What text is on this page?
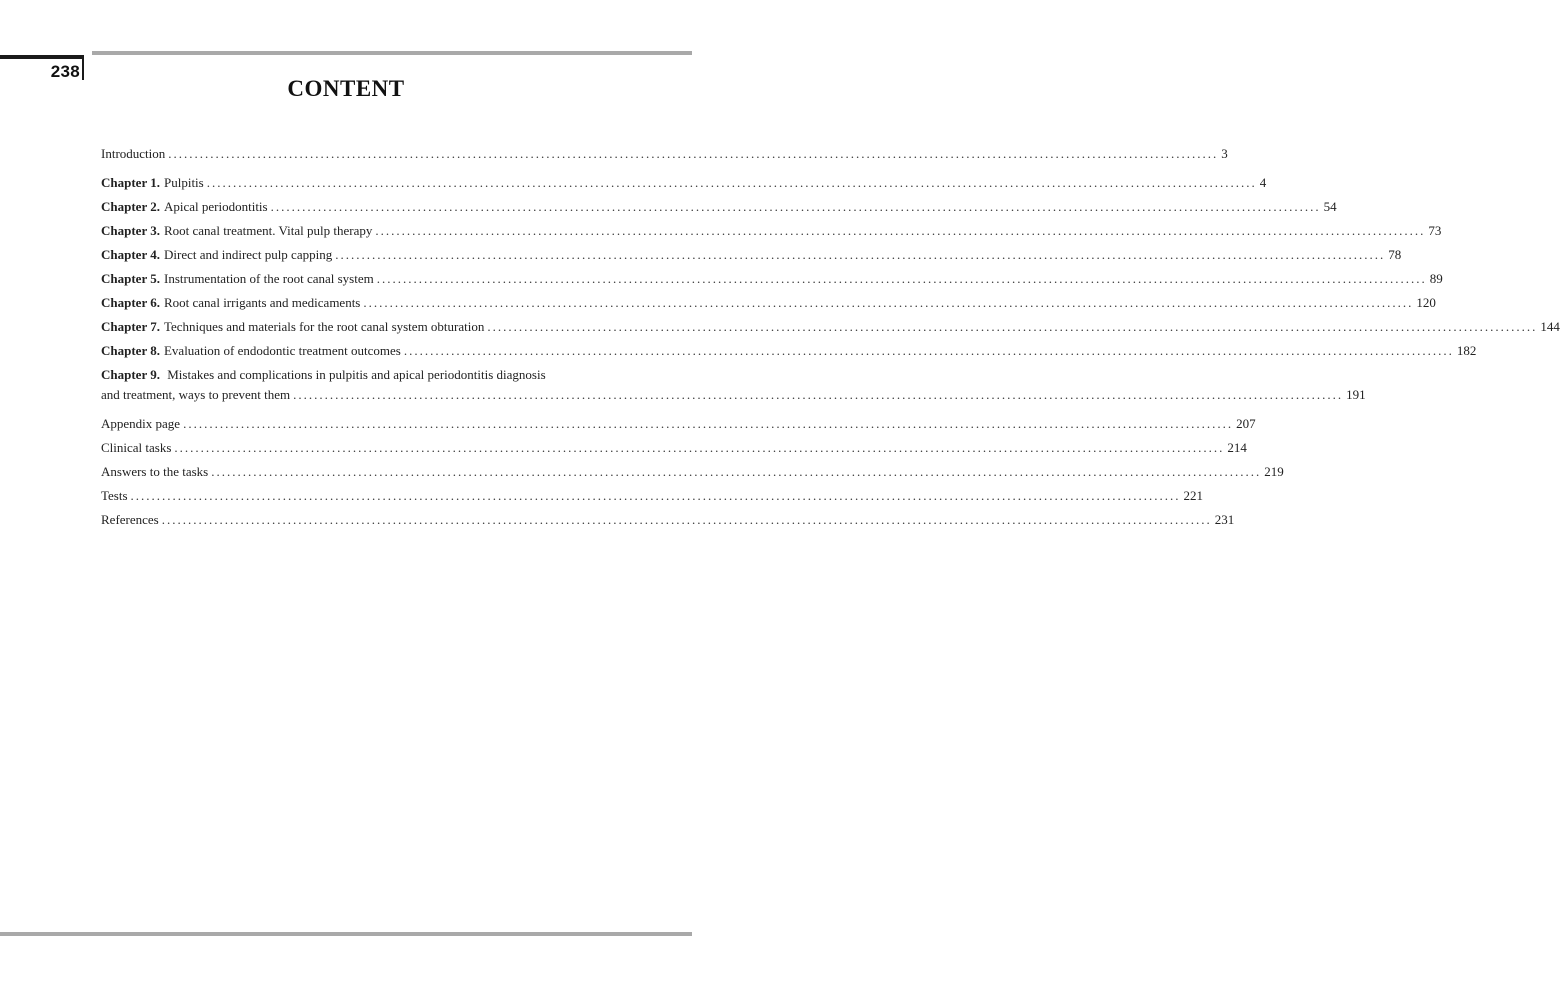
238
CONTENT
Introduction ........................................................................................................................................................................................................ 3
Chapter 1. Pulpitis ........................................................................................................................................................................................................ 4
Chapter 2. Apical periodontitis ........................................................................................................................................................................................................ 54
Chapter 3. Root canal treatment. Vital pulp therapy ........................................................................................................................................................................................................ 73
Chapter 4. Direct and indirect pulp capping ........................................................................................................................................................................................................ 78
Chapter 5. Instrumentation of the root canal system ........................................................................................................................................................................................................ 89
Chapter 6. Root canal irrigants and medicaments ........................................................................................................................................................................................................ 120
Chapter 7. Techniques and materials for the root canal system obturation ........................................................................................................................................................................................................ 144
Chapter 8. Evaluation of endodontic treatment outcomes ........................................................................................................................................................................................................ 182
Chapter 9. Mistakes and complications in pulpitis and apical periodontitis diagnosis
and treatment, ways to prevent them ........................................................................................................................................................................................................ 191
Appendix page ........................................................................................................................................................................................................ 207
Clinical tasks ........................................................................................................................................................................................................ 214
Answers to the tasks ........................................................................................................................................................................................................ 219
Tests ........................................................................................................................................................................................................ 221
References ........................................................................................................................................................................................................ 231
